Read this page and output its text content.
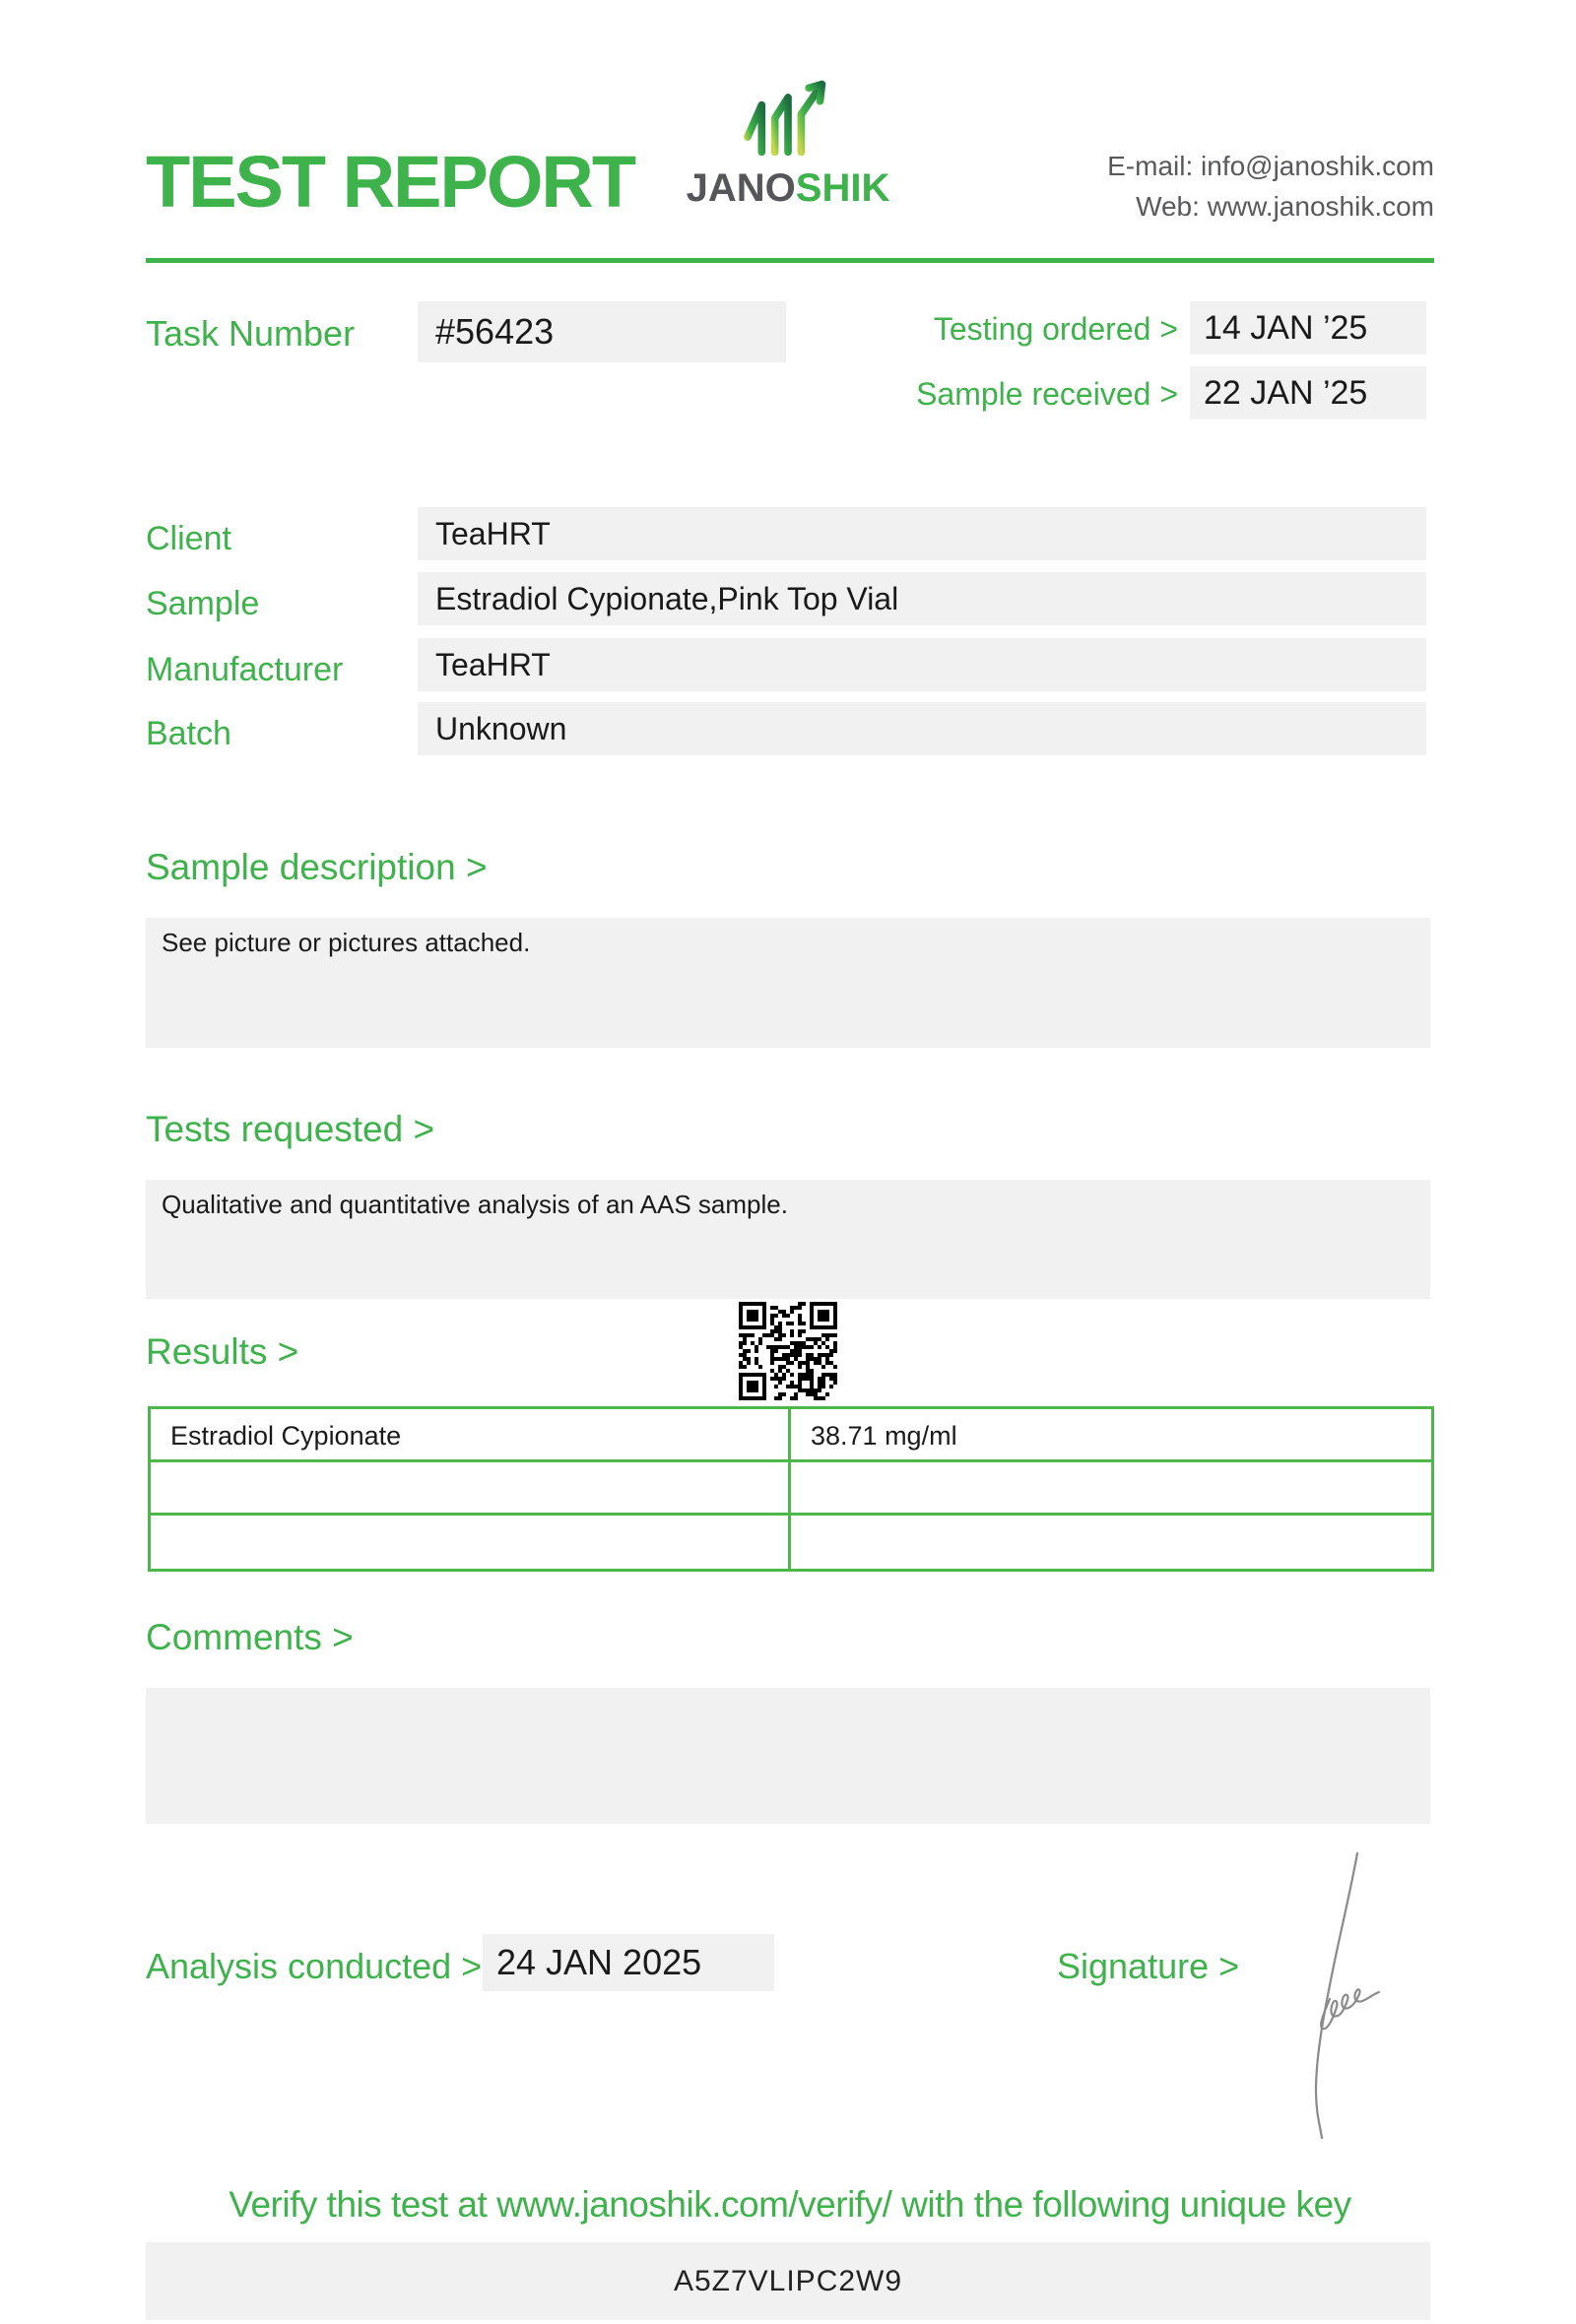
TEST REPORT JANOSHIK
E-mail: info@janoshik.com
Web: www.janoshik.com
Task Number	#56423	Testing ordered > 14 JAN ’25
Sample received > 22 JAN ’25
Client	TeaHRT
Sample	Estradiol Cypionate,Pink Top Vial
Manufacturer	TeaHRT
Batch	Unknown
Sample description >
See picture or pictures attached.
Tests requested >
Qualitative and quantitative analysis of an AAS sample.
Results >
Estradiol Cypionate	38.71 mg/ml
Comments >
Analysis conducted > 24 JAN 2025	Signature >
Verify this test at www.janoshik.com/verify/ with the following unique key
A5Z7VLIPC2W9
